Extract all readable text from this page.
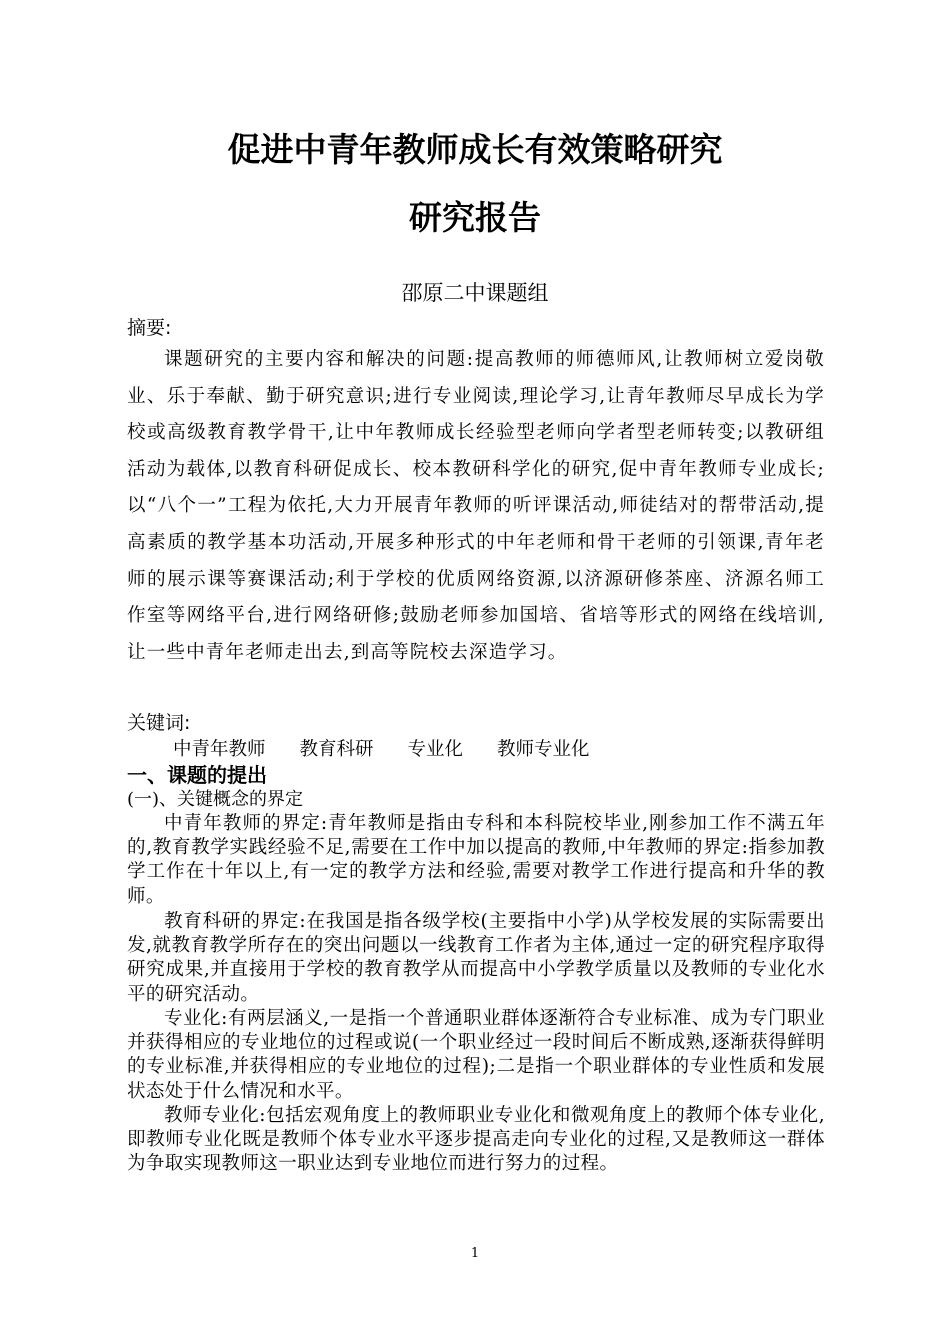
促进中青年教师成长有效策略研究
研究报告
邵原二中课题组
摘要:

课题研究的主要内容和解决的问题:提高教师的师德师风,让教师树立爱岗敬业、乐于奉献、勤于研究意识;进行专业阅读,理论学习,让青年教师尽早成长为学校或高级教育教学骨干,让中年教师成长经验型老师向学者型老师转变;以教研组活动为载体,以教育科研促成长、校本教研科学化的研究,促中青年教师专业成长;以“八个一”工程为依托,大力开展青年教师的听评课活动,师徒结对的帮带活动,提高素质的教学基本功活动,开展多种形式的中年老师和骨干老师的引领课,青年老师的展示课等赛课活动;利于学校的优质网络资源,以济源研修茶座、济源名师工作室等网络平台,进行网络研修;鼓励老师参加国培、省培等形式的网络在线培训,让一些中青年老师走出去,到高等院校去深造学习。

关键词:
中青年教师 教育科研 专业化 教师专业化
一、课题的提出
(一)、关键概念的界定

中青年教师的界定:青年教师是指由专科和本科院校毕业,刚参加工作不满五年的,教育教学实践经验不足,需要在工作中加以提高的教师,中年教师的界定:指参加教学工作在十年以上,有一定的教学方法和经验,需要对教学工作进行提高和升华的教师。

教育科研的界定:在我国是指各级学校(主要指中小学)从学校发展的实际需要出发,就教育教学所存在的突出问题以一线教育工作者为主体,通过一定的研究程序取得研究成果,并直接用于学校的教育教学从而提高中小学教学质量以及教师的专业化水平的研究活动。

专业化:有两层涵义,一是指一个普通职业群体逐渐符合专业标准、成为专门职业并获得相应的专业地位的过程或说(一个职业经过一段时间后不断成熟,逐渐获得鲜明的专业标准,并获得相应的专业地位的过程);二是指一个职业群体的专业性质和发展状态处于什么情况和水平。

教师专业化:包括宏观角度上的教师职业专业化和微观角度上的教师个体专业化,即教师专业化既是教师个体专业水平逐步提高走向专业化的过程,又是教师这一群体为争取实现教师这一职业达到专业地位而进行努力的过程。

1
